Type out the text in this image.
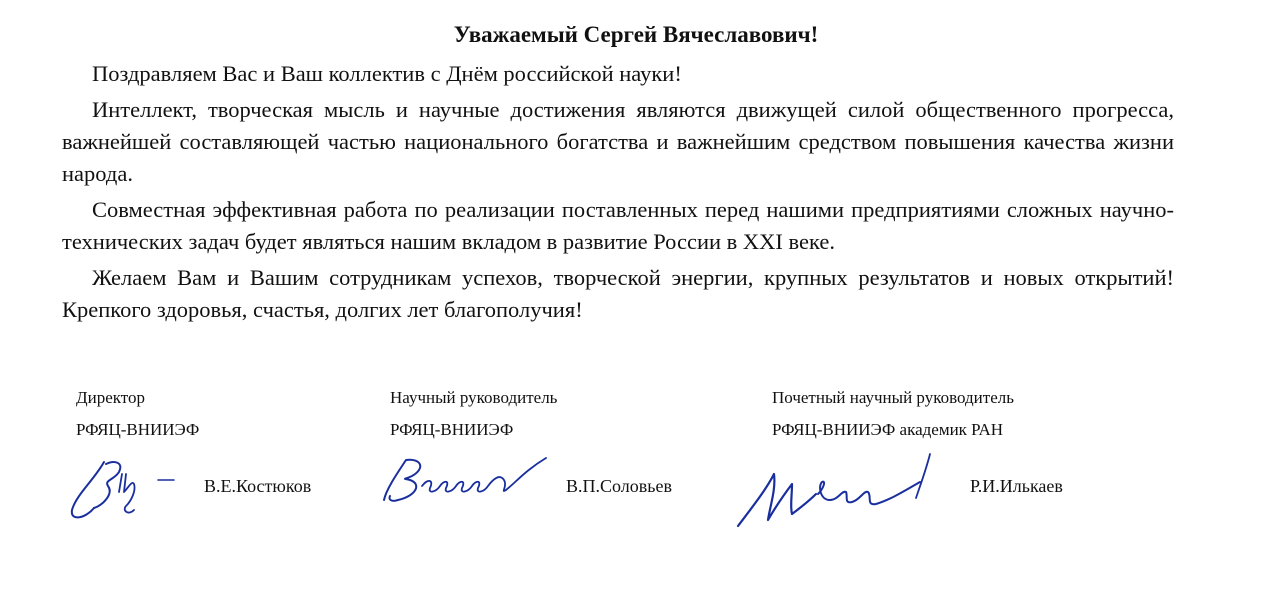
Уважаемый Сергей Вячеславович!

Поздравляем Вас и Ваш коллектив с Днём российской науки!

Интеллект, творческая мысль и научные достижения являются движущей силой общественного прогресса, важнейшей составляющей частью национального богатства и важнейшим средством повышения качества жизни народа.

Совместная эффективная работа по реализации поставленных перед нашими предприятиями сложных научно-технических задач будет являться нашим вкладом в развитие России в XXI веке.

Желаем Вам и Вашим сотрудникам успехов, творческой энергии, крупных результатов и новых открытий! Крепкого здоровья, счастья, долгих лет благополучия!

Директор
РФЯЦ-ВНИИЭФ
В.Е.Костюков
Научный руководитель
РФЯЦ-ВНИИЭФ
В.П.Соловьев
Почетный научный руководитель
РФЯЦ-ВНИИЭФ академик РАН
Р.И.Илькаев
